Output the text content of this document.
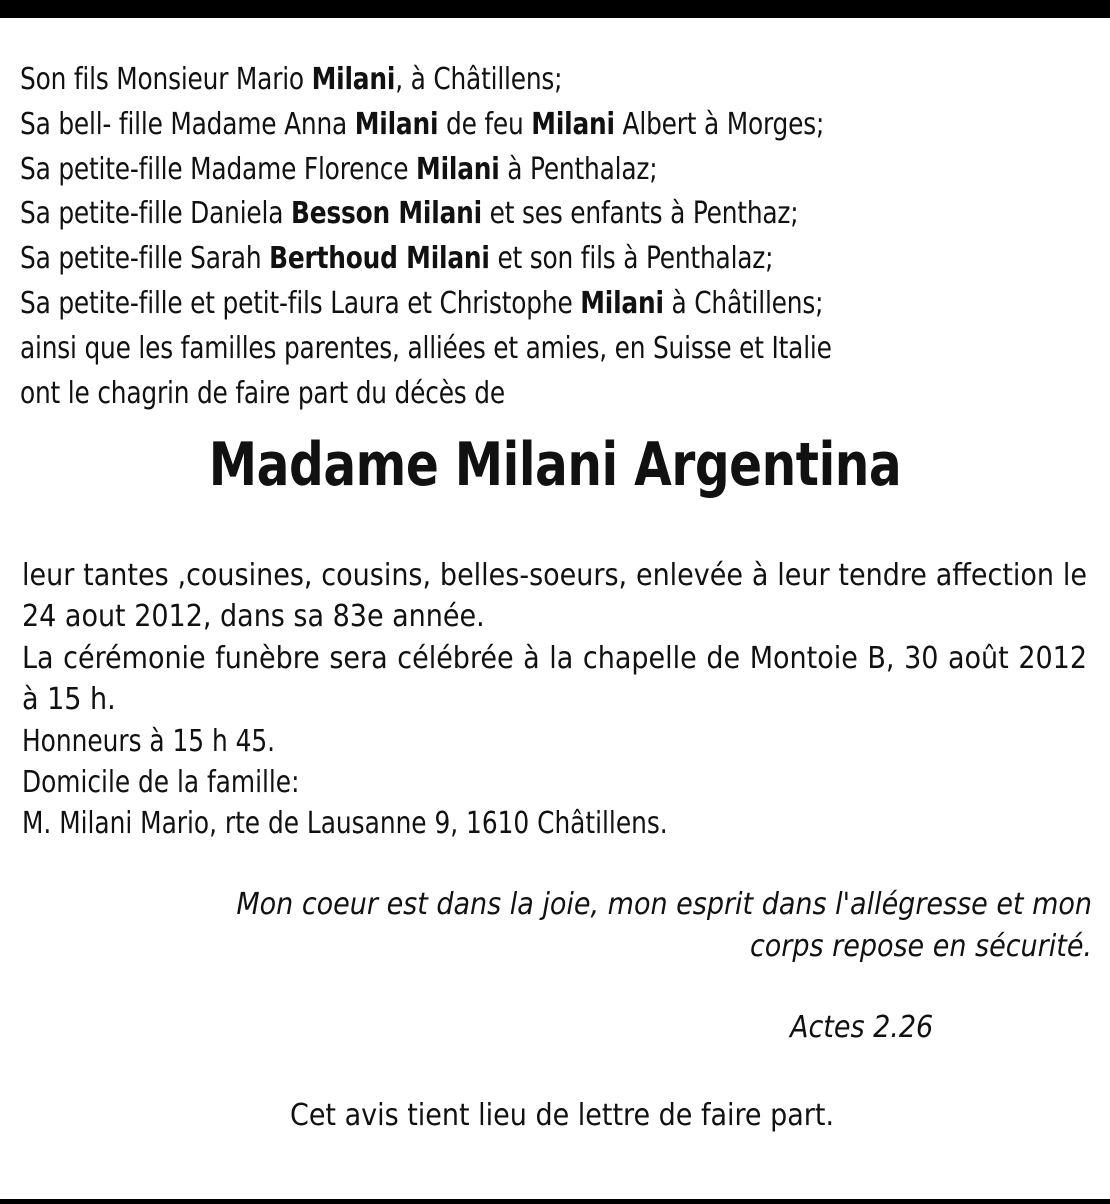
Son fils Monsieur Mario Milani, à Châtillens;
Sa bell- fille Madame Anna Milani de feu Milani Albert à Morges;
Sa petite-fille Madame Florence Milani à Penthalaz;
Sa petite-fille Daniela Besson Milani et ses enfants à Penthaz;
Sa petite-fille Sarah Berthoud Milani et son fils à Penthalaz;
Sa petite-fille et petit-fils Laura et Christophe Milani à Châtillens;
ainsi que les familles parentes, alliées et amies, en Suisse et Italie
ont le chagrin de faire part du décès de
Madame Milani Argentina
leur tantes ,cousines, cousins, belles-soeurs, enlevée à leur tendre affection le 24 aout 2012, dans sa 83e année.
La cérémonie funèbre sera célébrée à la chapelle de Montoie B, 30 août 2012 à 15 h.
Honneurs à 15 h 45.
Domicile de la famille:
M. Milani Mario, rte de Lausanne 9, 1610 Châtillens.
Mon coeur est dans la joie, mon esprit dans l'allégresse et mon
corps repose en sécurité.
Actes 2.26
Cet avis tient lieu de lettre de faire part.
